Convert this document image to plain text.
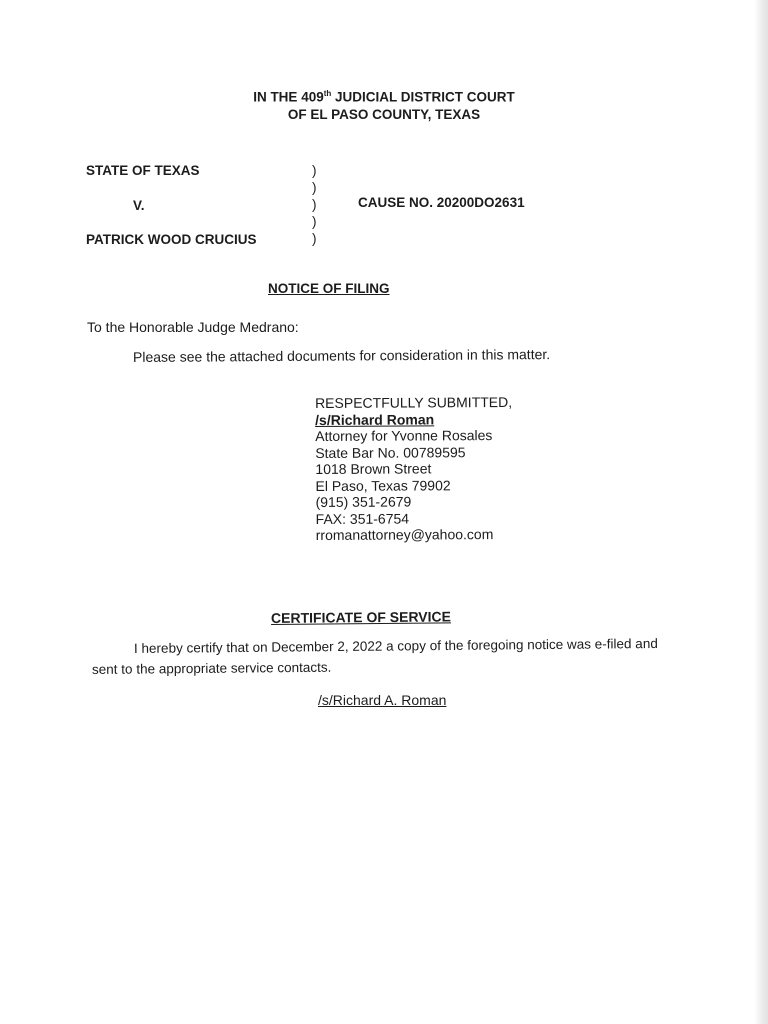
IN THE 409th JUDICIAL DISTRICT COURT
OF EL PASO COUNTY, TEXAS
STATE OF TEXAS
V.
PATRICK WOOD CRUCIUS
)
)
)
)
)
CAUSE NO. 20200DO2631
NOTICE OF FILING
To the Honorable Judge Medrano:
Please see the attached documents for consideration in this matter.
RESPECTFULLY SUBMITTED,
/s/Richard Roman
Attorney for Yvonne Rosales
State Bar No. 00789595
1018 Brown Street
El Paso, Texas 79902
(915) 351-2679
FAX: 351-6754
rromanattorney@yahoo.com
CERTIFICATE OF SERVICE
I hereby certify that on December 2, 2022 a copy of the foregoing notice was e-filed and
sent to the appropriate service contacts.
/s/Richard A. Roman
